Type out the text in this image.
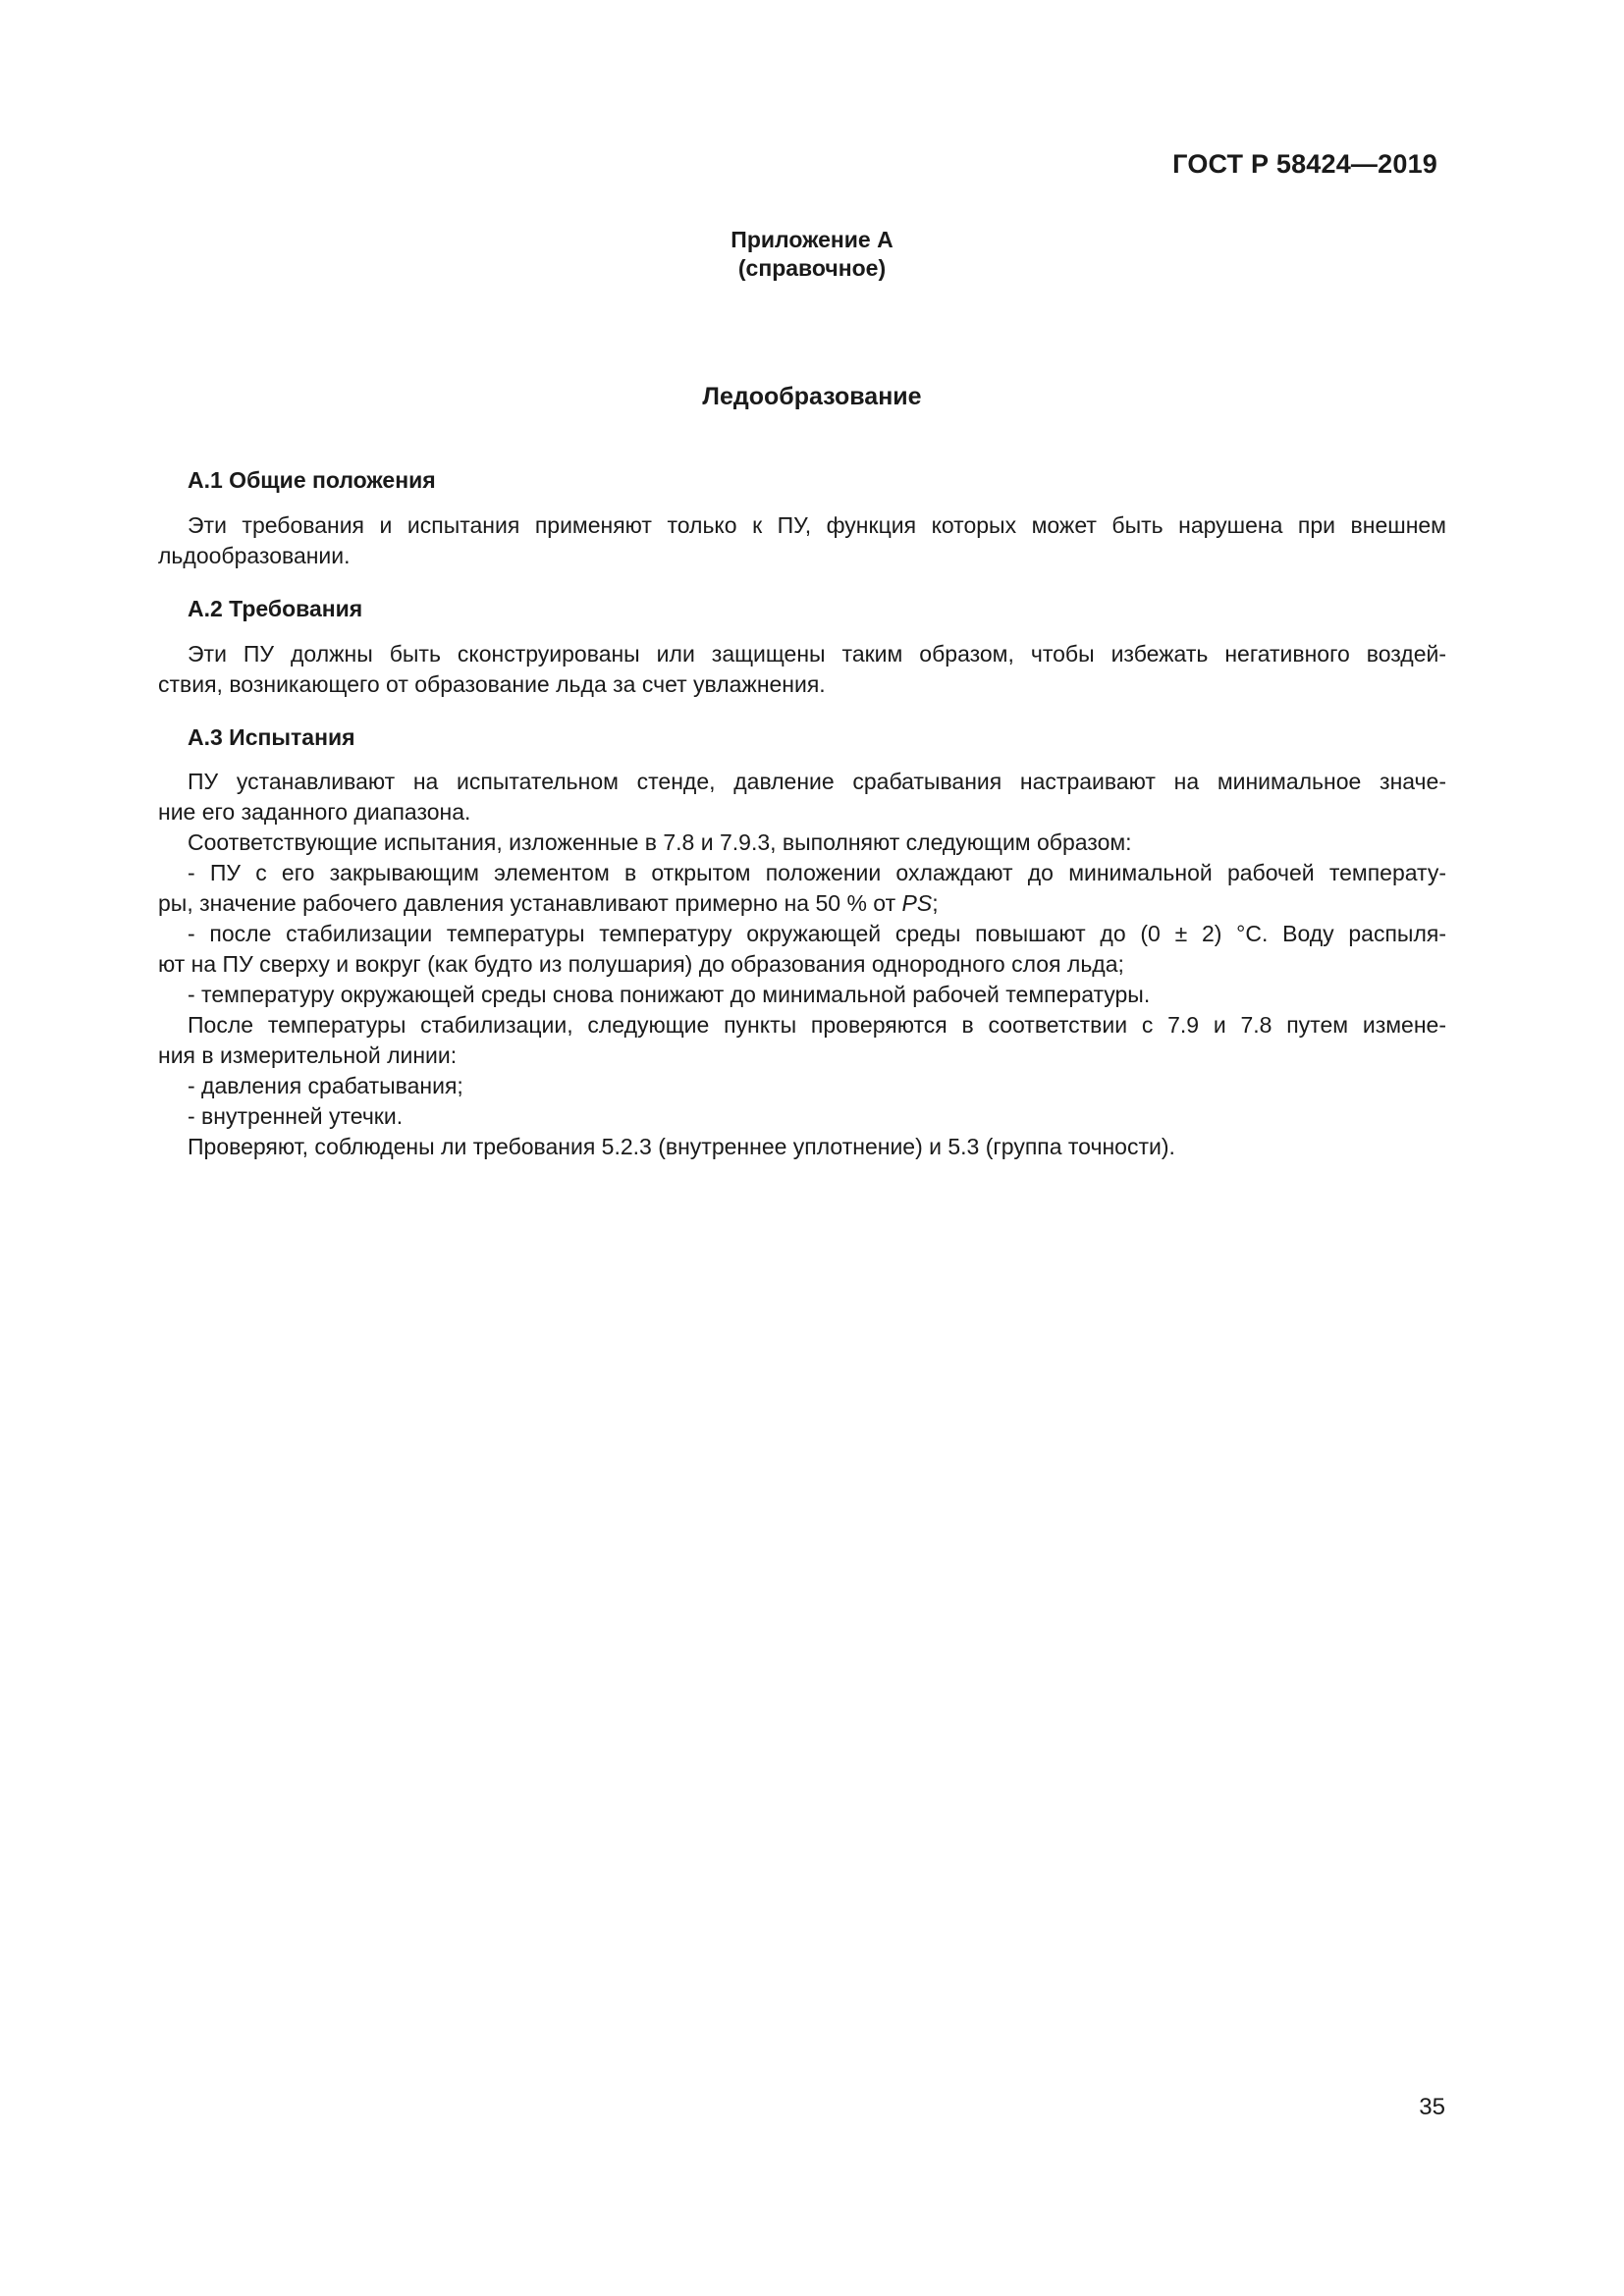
ГОСТ Р 58424—2019
Приложение А
(справочное)
Ледообразование
А.1 Общие положения
Эти требования и испытания применяют только к ПУ, функция которых может быть нарушена при внешнем
льдообразовании.
А.2 Требования
Эти ПУ должны быть сконструированы или защищены таким образом, чтобы избежать негативного воздей-
ствия, возникающего от образование льда за счет увлажнения.
А.3 Испытания
ПУ устанавливают на испытательном стенде, давление срабатывания настраивают на минимальное значе-
ние его заданного диапазона.
Соответствующие испытания, изложенные в 7.8 и 7.9.3, выполняют следующим образом:
- ПУ с его закрывающим элементом в открытом положении охлаждают до минимальной рабочей температу-
ры, значение рабочего давления устанавливают примерно на 50 % от PS;
- после стабилизации температуры температуру окружающей среды повышают до (0 ± 2) °С. Воду распыля-
ют на ПУ сверху и вокруг (как будто из полушария) до образования однородного слоя льда;
- температуру окружающей среды снова понижают до минимальной рабочей температуры.
После температуры стабилизации, следующие пункты проверяются в соответствии с 7.9 и 7.8 путем измене-
ния в измерительной линии:
- давления срабатывания;
- внутренней утечки.
Проверяют, соблюдены ли требования 5.2.3 (внутреннее уплотнение) и 5.3 (группа точности).
35
